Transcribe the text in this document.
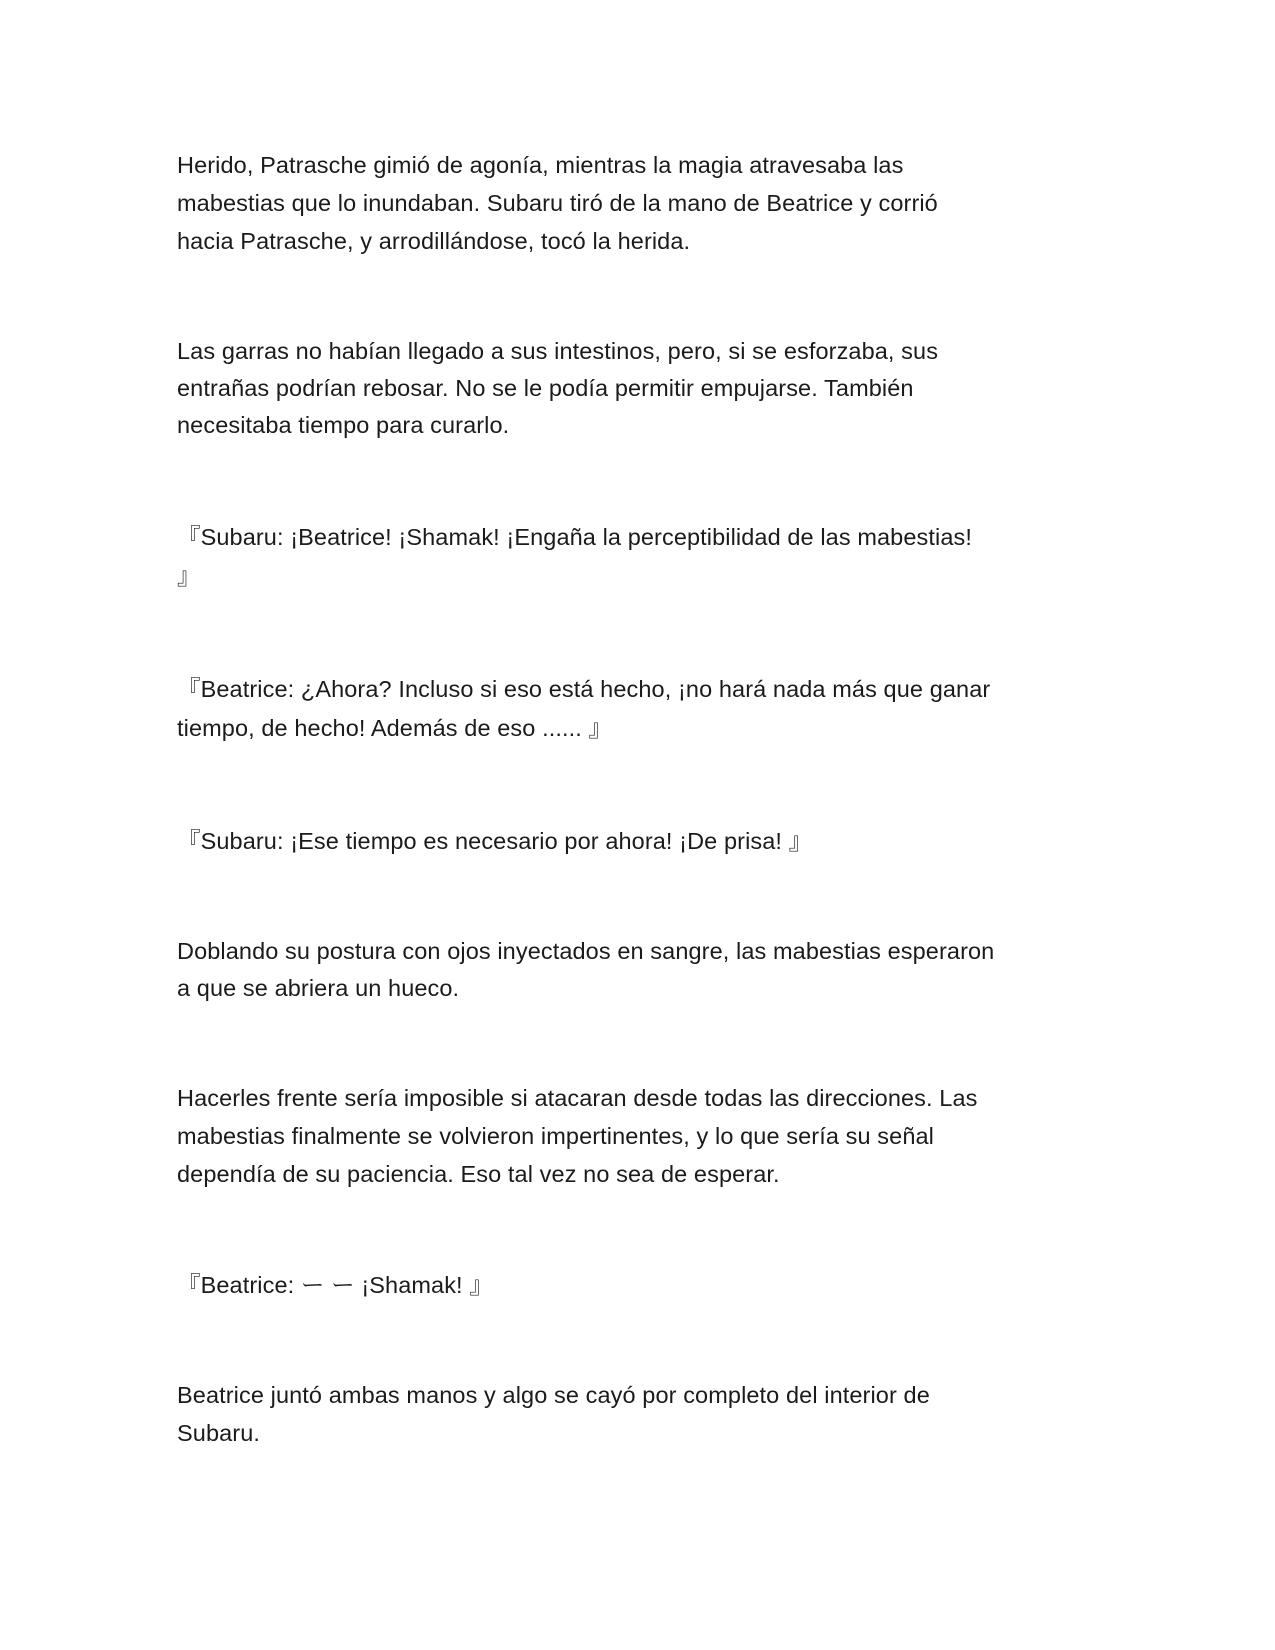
Herido, Patrasche gimió de agonía, mientras la magia atravesaba las

mabestias que lo inundaban. Subaru tiró de la mano de Beatrice y corrió

hacia Patrasche, y arrodillándose, tocó la herida.

Las garras no habían llegado a sus intestinos, pero, si se esforzaba, sus

entrañas podrían rebosar. No se le podía permitir empujarse. También

necesitaba tiempo para curarlo.

『Subaru: ¡Beatrice! ¡Shamak! ¡Engaña la perceptibilidad de las mabestias!

』

『Beatrice: ¿Ahora? Incluso si eso está hecho, ¡no hará nada más que ganar

tiempo, de hecho! Además de eso ...... 』

『Subaru: ¡Ese tiempo es necesario por ahora! ¡De prisa! 』

Doblando su postura con ojos inyectados en sangre, las mabestias esperaron

a que se abriera un hueco.

Hacerles frente sería imposible si atacaran desde todas las direcciones. Las

mabestias finalmente se volvieron impertinentes, y lo que sería su señal

dependía de su paciencia. Eso tal vez no sea de esperar.

『Beatrice: ー ー ¡Shamak! 』

Beatrice juntó ambas manos y algo se cayó por completo del interior de

Subaru.
